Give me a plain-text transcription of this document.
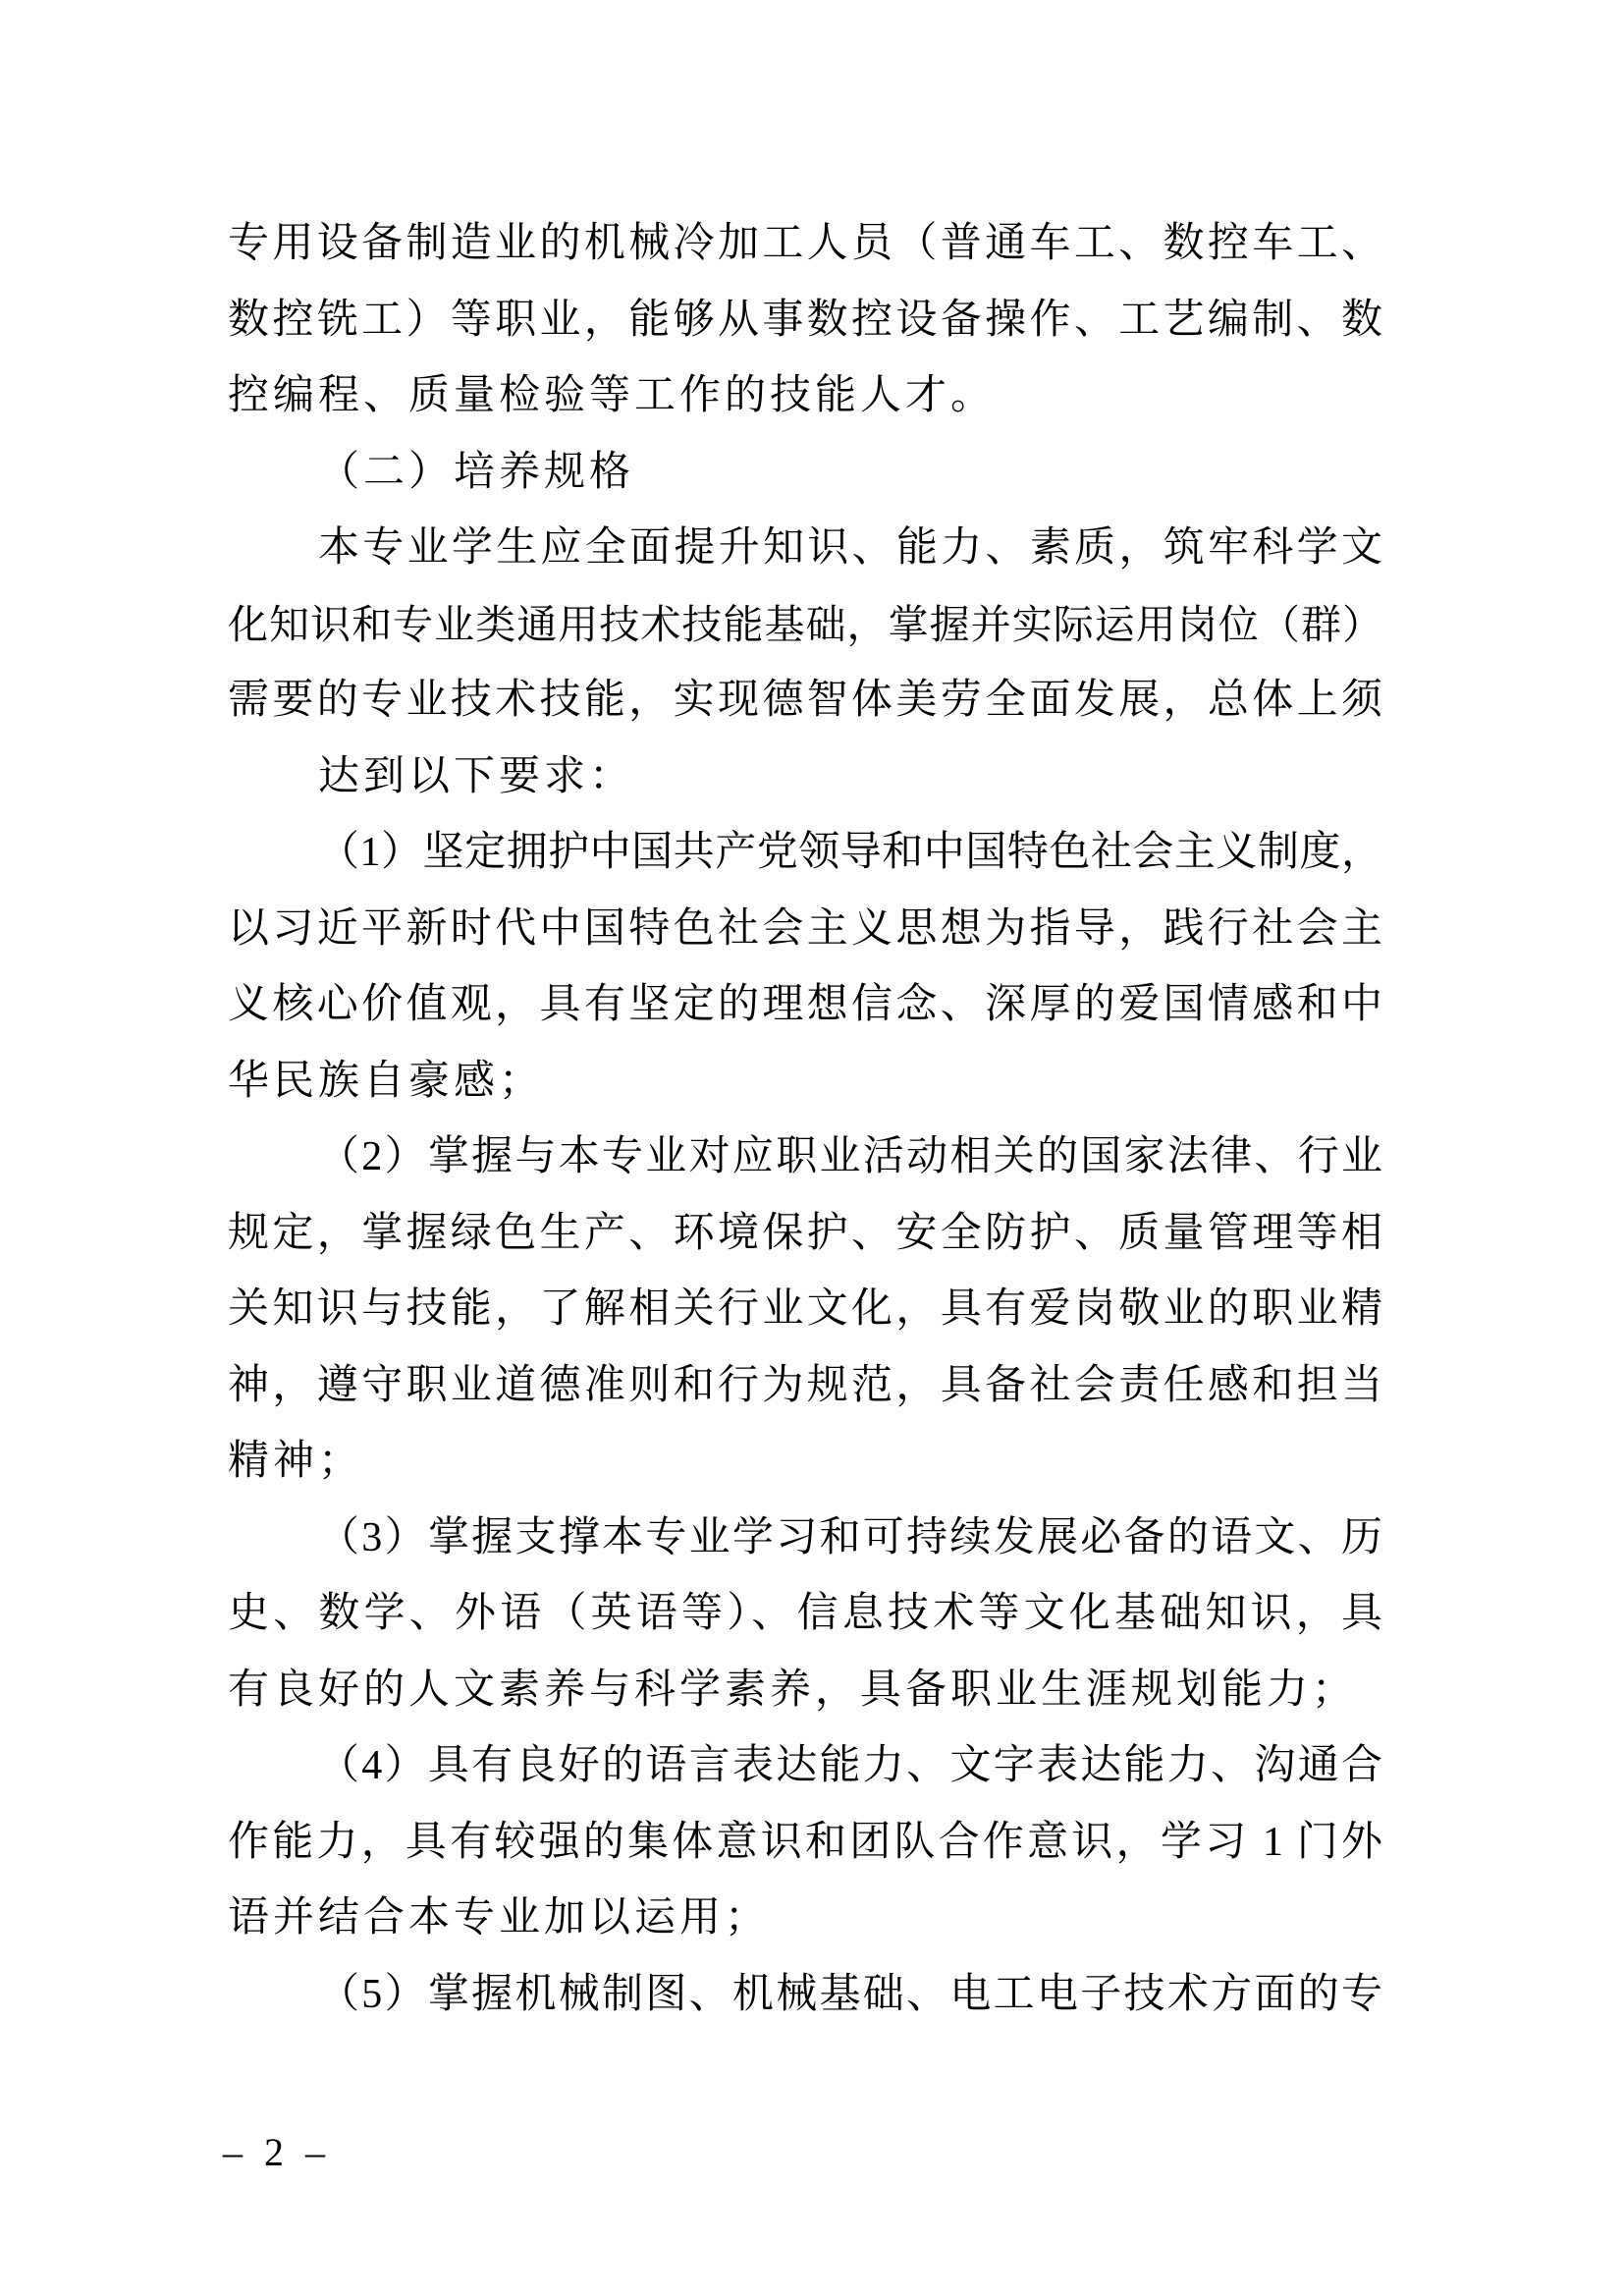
专用设备制造业的机械冷加工人员（普通车工、数控车工、
数控铣工）等职业，能够从事数控设备操作、工艺编制、数
控编程、质量检验等工作的技能人才。
（二）培养规格
本专业学生应全面提升知识、能力、素质，筑牢科学文
化知识和专业类通用技术技能基础，掌握并实际运用岗位（群）
需要的专业技术技能，实现德智体美劳全面发展，总体上须
达到以下要求：
（1）坚定拥护中国共产党领导和中国特色社会主义制度，
以习近平新时代中国特色社会主义思想为指导，践行社会主
义核心价值观，具有坚定的理想信念、深厚的爱国情感和中
华民族自豪感；
（2）掌握与本专业对应职业活动相关的国家法律、行业
规定，掌握绿色生产、环境保护、安全防护、质量管理等相
关知识与技能，了解相关行业文化，具有爱岗敬业的职业精
神，遵守职业道德准则和行为规范，具备社会责任感和担当
精神；
（3）掌握支撑本专业学习和可持续发展必备的语文、历
史、数学、外语（英语等）、信息技术等文化基础知识，具
有良好的人文素养与科学素养，具备职业生涯规划能力；
（4）具有良好的语言表达能力、文字表达能力、沟通合
作能力，具有较强的集体意识和团队合作意识，学习 1 门外
语并结合本专业加以运用；
（5）掌握机械制图、机械基础、电工电子技术方面的专
– 2 –
